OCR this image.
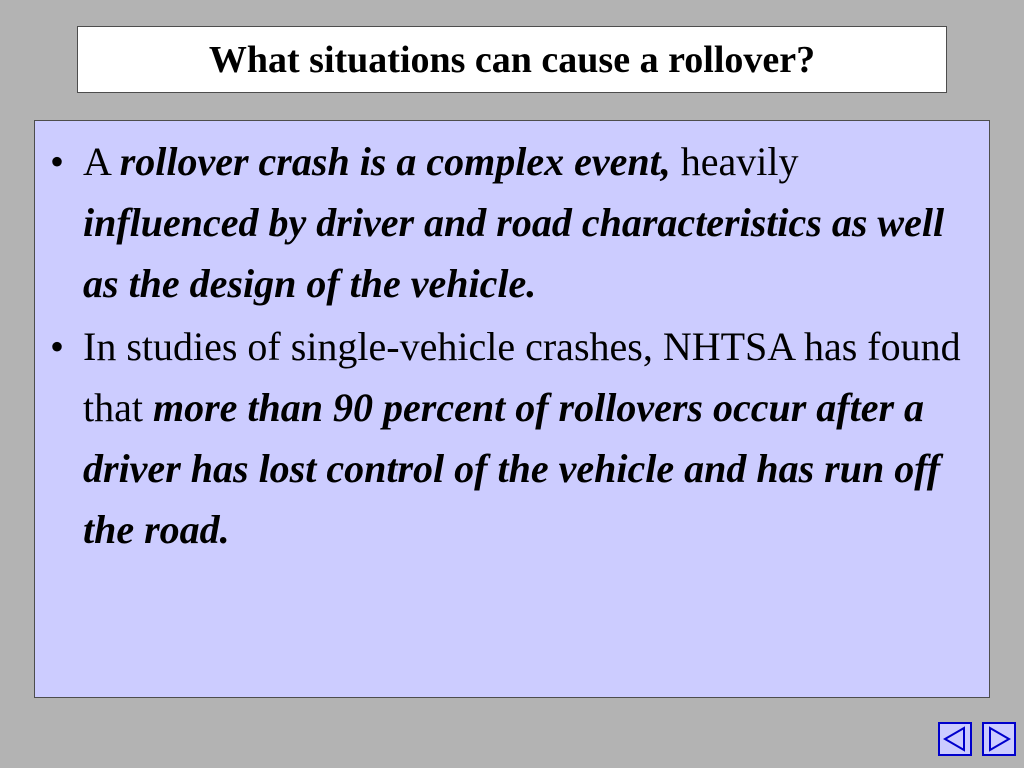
What situations can cause a rollover?
• A rollover crash is a complex event, heavily influenced by driver and road characteristics as well as the design of the vehicle.
• In studies of single-vehicle crashes, NHTSA has found that more than 90 percent of rollovers occur after a driver has lost control of the vehicle and has run off the road.
